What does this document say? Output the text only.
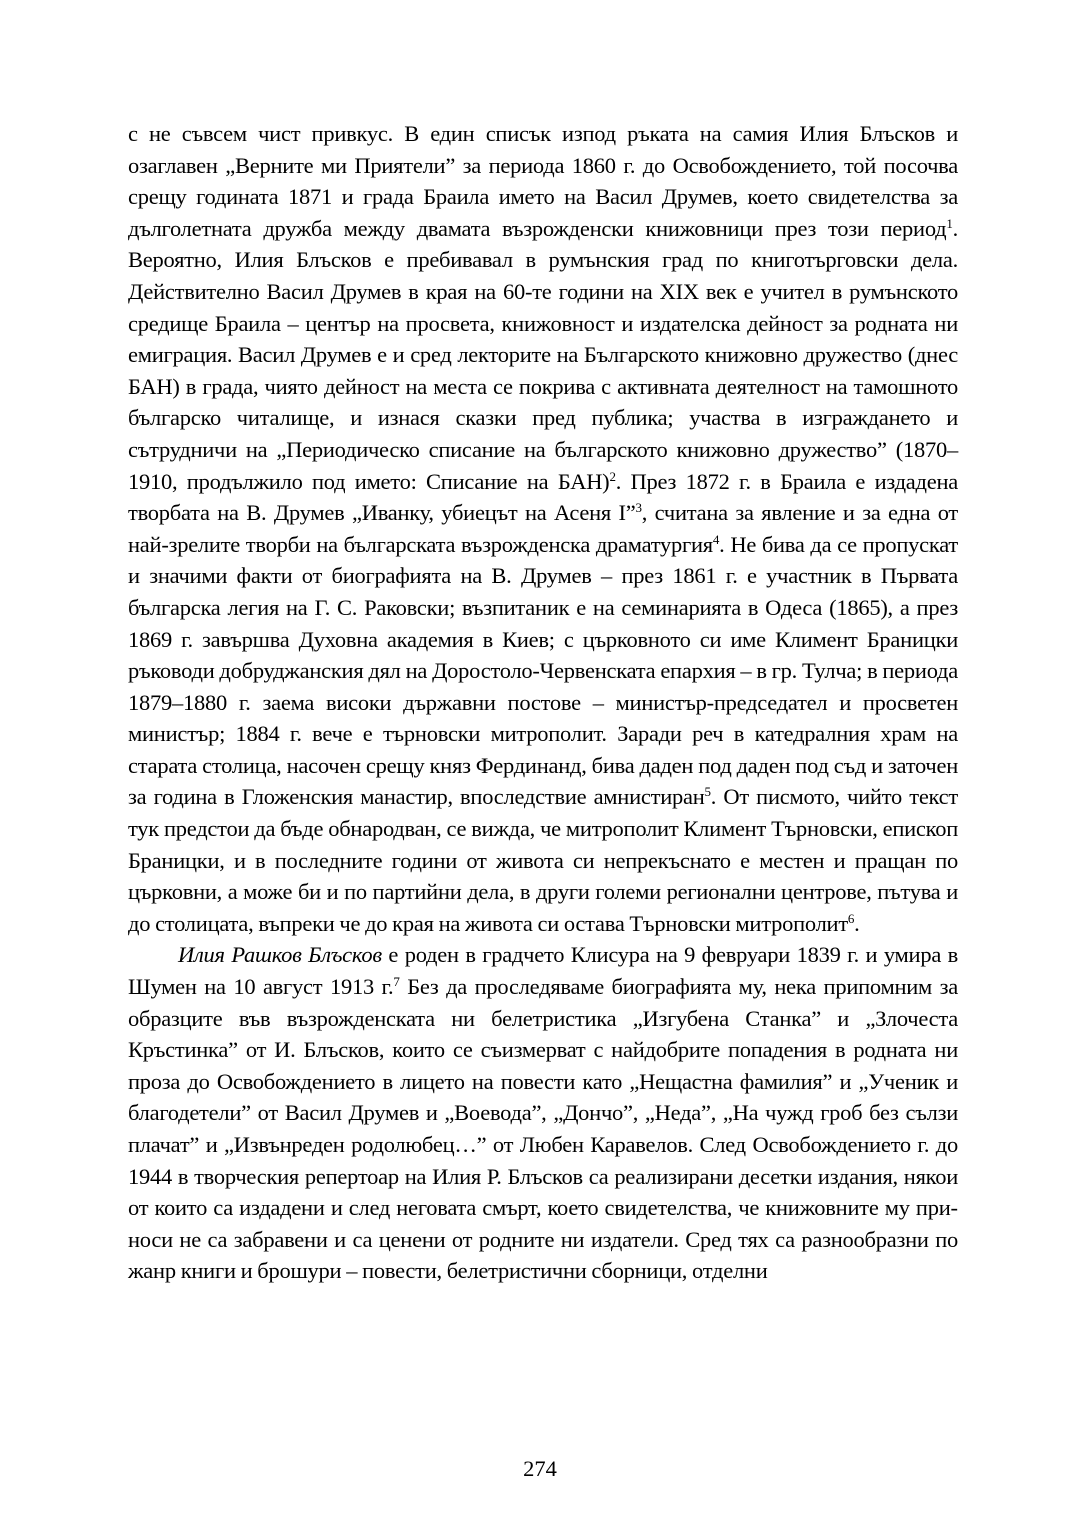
с не съвсем чист привкус. В един списък изпод ръката на самия Илия Блъсков и озаглавен „Верните ми Приятели” за периода 1860 г. до Освобождението, той посочва срещу годината 1871 и града Браила името на Васил Друмев, което свидетелства за дълголетната дружба между двамата възрожденски книжовници през този период$^1$. Вероятно, Илия Блъсков е пребивавал в румънския град по книготърговски дела. Действително Васил Друмев в края на 60-те години на XIX век е учител в румънското средище Браила – център на просвета, книжовност и издателска дейност за родната ни емиграция. Васил Друмев е и сред лекторите на Българското книжовно дружество (днес БАН) в града, чиято дейност на места се покрива с активната деятелност на тамошното българско читалище, и изнася сказки пред публика; участва в изграждането и сътрудничи на „Периодическо списание на българското книжовно дружество” (1870–1910, продължило под името: Списание на БАН)$^2$. През 1872 г. в Браила е издадена творбата на В. Друмев „Иванку, убиецът на Асеня I”$^3$, считана за явление и за една от най-зрелите творби на българската възрожденска драматургия$^4$. Не бива да се пропускат и значими факти от биографията на В. Друмев – през 1861 г. е участник в Първата българска легия на Г. С. Раковски; възпитаник е на семинарията в Одеса (1865), а през 1869 г. завършва Духовна академия в Киев; с църковното си име Климент Браницки ръководи добруджанския дял на Доростоло-Червенската епархия – в гр. Тулча; в периода 1879–1880 г. заема високи държавни постове – министър-председател и просветен министър; 1884 г. вече е търновски митрополит. Заради реч в катедралния храм на старата столица, насочен срещу княз Фердинанд, бива даден под даден под съд и заточен за година в Гложенския манастир, впоследствие амнистиран$^5$. От писмото, чийто текст тук предстои да бъде обнародван, се вижда, че митрополит Климент Търновски, епископ Браницки, и в последните години от живота си непрекъснато е местен и пращан по църковни, а може би и по партийни дела, в други големи регионални центрове, пътува и до столицата, въпреки че до края на живота си остава Търновски митрополит$^6$.

Илия Рашков Блъсков е роден в градчето Клисура на 9 февруари 1839 г. и умира в Шумен на 10 август 1913 г.$^7$ Без да проследяваме биографията му, нека припомним за образците във възрожденската ни белетристика „Изгубена Станка” и „Злочеста Кръстинка” от И. Блъсков, които се съизмерват с найдобрите попадения в родната ни проза до Освобождението в лицето на повести като „Нещастна фамилия” и „Ученик и благодетели” от Васил Друмев и „Воевода”, „Дончо”, „Неда”, „На чужд гроб без сълзи плачат” и „Извънреден родолюбец…” от Любен Каравелов. След Освобождението г. до 1944 в творческия репертоар на Илия Р. Блъсков са реализирани десетки издания, някои от които са издадени и след неговата смърт, което свидетелства, че книжовните му приноси не са забравени и са ценени от родните ни издатели. Сред тях са разнообразни по жанр книги и брошури – повести, белетристични сборници, отделни

274
